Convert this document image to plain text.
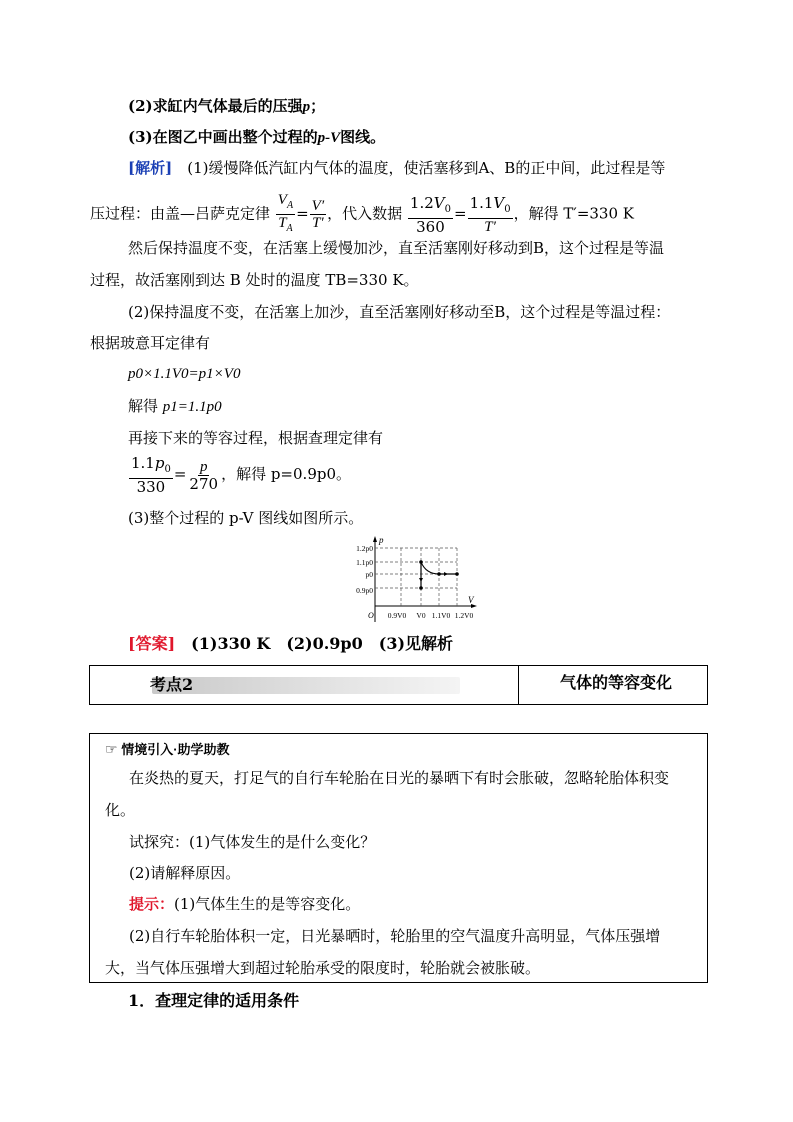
(2)求缸内气体最后的压强p；
(3)在图乙中画出整个过程的p-V图线。
[解析]　 (1)缓慢降低汽缸内气体的温度，使活塞移到A、B的正中间，此过程是等
压过程：由盖—吕萨克定律 $\frac{V_A}{T_A} = \frac{V'}{T'}$ ，代入数据 $\frac{1.2V_0}{360} = \frac{1.1V_0}{T'}$ ，解得 T′=330 K
然后保持温度不变，在活塞上缓慢加沙，直至活塞刚好移动到B，这个过程是等温
过程，故活塞刚到达 B 处时的温度 TB=330 K。
(2)保持温度不变，在活塞上加沙，直至活塞刚好移动至B，这个过程是等温过程：
根据玻意耳定律有
p0×1.1V0=p1×V0
解得 p1=1.1p0
再接下来的等容过程，根据查理定律有
$\frac{1.1p_0}{330} = \frac{p}{270}$ ，解得 p=0.9p0。
(3)整个过程的 p-V 图线如图所示。
p
V
O
1.2p0
1.1p0
p0
0.9p0
0.9V0 V0 1.1V0 1.2V0
[答案]　 (1)330 K　(2)0.9p0　(3)见解析
考点2	气体的等容变化
☞ 情境引入·助学助教
在炎热的夏天，打足气的自行车轮胎在日光的暴晒下有时会胀破，忽略轮胎体积变
化。
试探究：(1)气体发生的是什么变化？
(2)请解释原因。
提示：(1)气体生生的是等容变化。
(2)自行车轮胎体积一定，日光暴晒时，轮胎里的空气温度升高明显，气体压强增
大，当气体压强增大到超过轮胎承受的限度时，轮胎就会被胀破。
1．查理定律的适用条件
